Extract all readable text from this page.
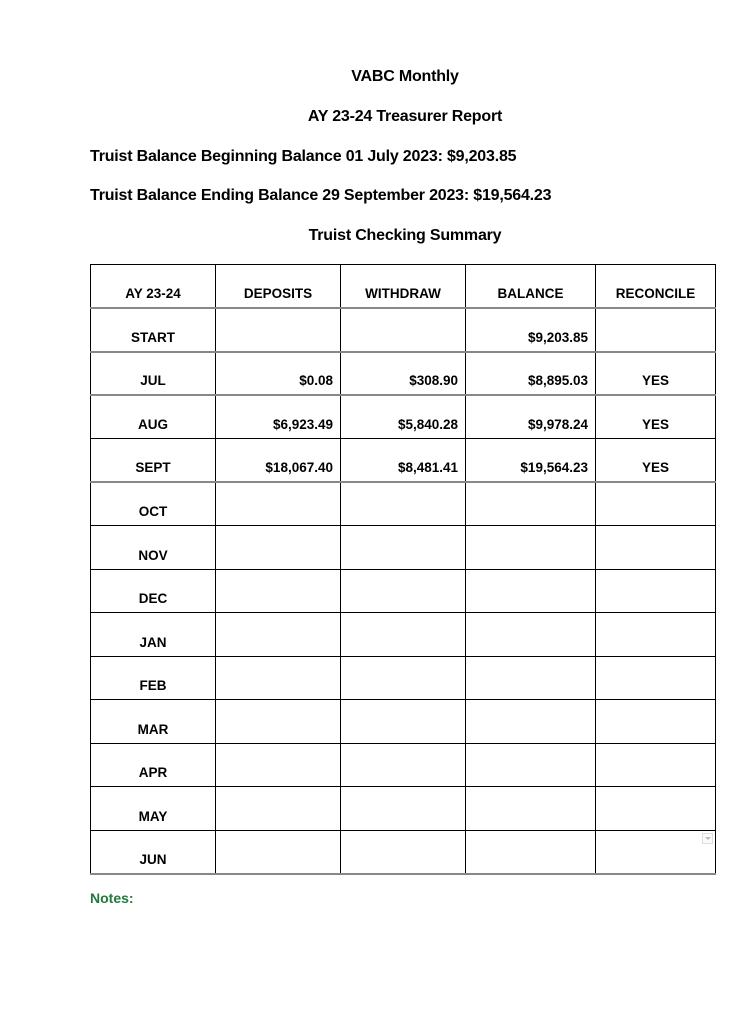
VABC Monthly
AY 23-24 Treasurer Report
Truist Balance Beginning Balance 01 July 2023: $9,203.85
Truist Balance Ending Balance 29 September 2023: $19,564.23
Truist Checking Summary
AY 23-24	DEPOSITS	WITHDRAW	BALANCE	RECONCILE
START			$9,203.85	
JUL	$0.08	$308.90	$8,895.03	YES
AUG	$6,923.49	$5,840.28	$9,978.24	YES
SEPT	$18,067.40	$8,481.41	$19,564.23	YES
OCT				
NOV				
DEC				
JAN				
FEB				
MAR				
APR				
MAY				
JUN				
Notes:
